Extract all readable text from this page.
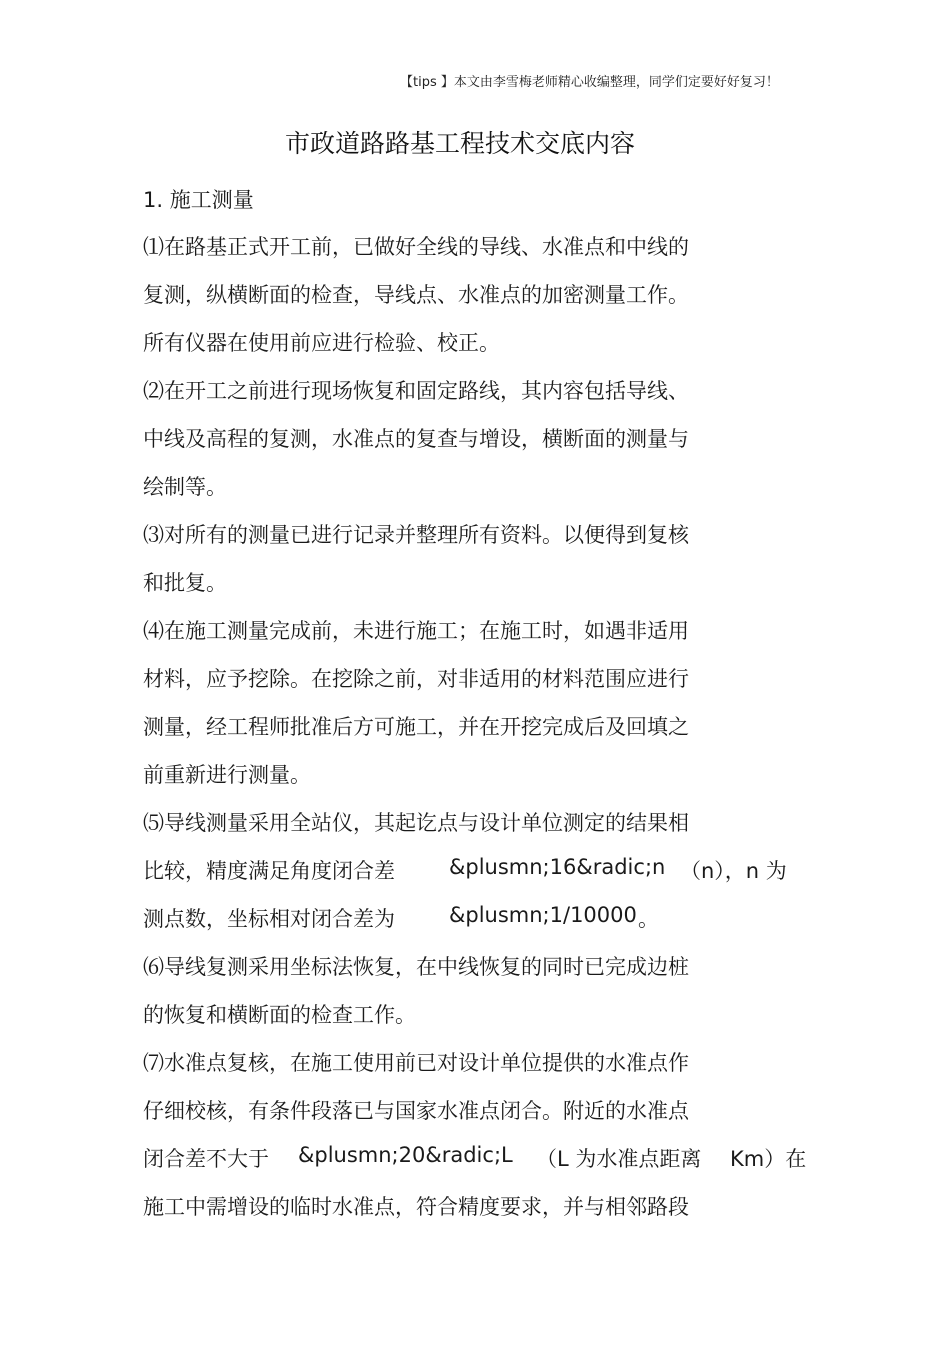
【tips 】本文由李雪梅老师精心收编整理，同学们定要好好复习！
市政道路路基工程技术交底内容
1. 施工测量
⑴在路基正式开工前，已做好全线的导线、水准点和中线的
复测，纵横断面的检查，导线点、水准点的加密测量工作。
所有仪器在使用前应进行检验、校正。
⑵在开工之前进行现场恢复和固定路线，其内容包括导线、
中线及高程的复测，水准点的复查与增设，横断面的测量与
绘制等。
⑶对所有的测量已进行记录并整理所有资料。以便得到复核
和批复。
⑷在施工测量完成前，未进行施工；在施工时，如遇非适用
材料，应予挖除。在挖除之前，对非适用的材料范围应进行
测量，经工程师批准后方可施工，并在开挖完成后及回填之
前重新进行测量。
⑸导线测量采用全站仪，其起讫点与设计单位测定的结果相
比较，精度满足角度闭合差	&plusmn;16&radic;n （n），n 为
测点数，坐标相对闭合差为	&plusmn;1/10000 。
⑹导线复测采用坐标法恢复，在中线恢复的同时已完成边桩
的恢复和横断面的检查工作。
⑺水准点复核，在施工使用前已对设计单位提供的水准点作
仔细校核，有条件段落已与国家水准点闭合。附近的水准点
闭合差不大于 &plusmn;20&radic;L （L 为水准点距离 Km）在
施工中需增设的临时水准点，符合精度要求，并与相邻路段
